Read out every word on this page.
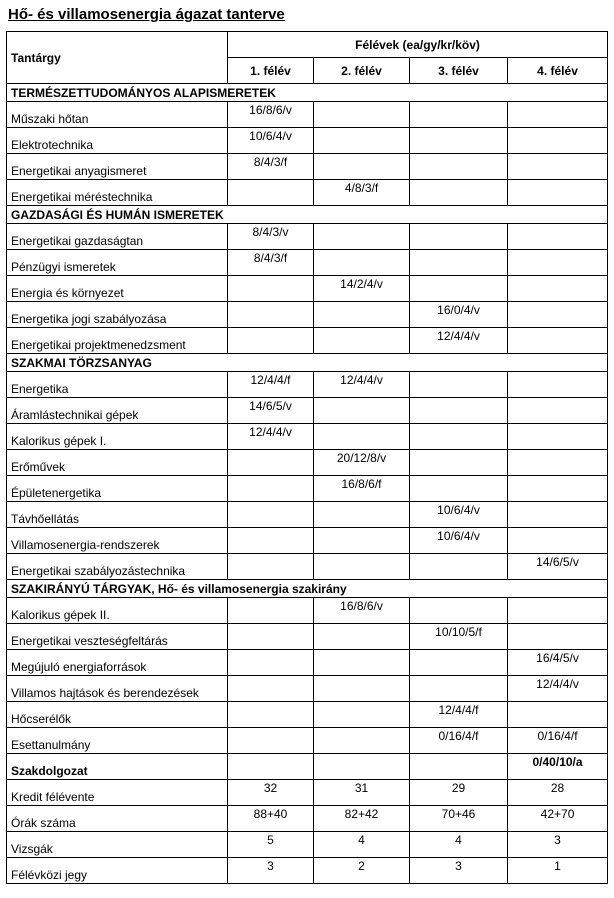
Hő- és villamosenergia ágazat tanterve
Tantárgy	Félévek (ea/gy/kr/köv)			
	1. félév	2. félév	3. félév	4. félév
TERMÉSZETTUDOMÁNYOS ALAPISMERETEK				
Műszaki hőtan	16/8/6/v			
Elektrotechnika	10/6/4/v			
Energetikai anyagismeret	8/4/3/f			
Energetikai méréstechnika		4/8/3/f		
GAZDASÁGI ÉS HUMÁN ISMERETEK				
Energetikai gazdaságtan	8/4/3/v			
Pénzügyi ismeretek	8/4/3/f			
Energia és környezet		14/2/4/v		
Energetika jogi szabályozása			16/0/4/v	
Energetikai projektmenedzsment			12/4/4/v	
SZAKMAI TÖRZSANYAG				
Energetika	12/4/4/f	12/4/4/v		
Áramlástechnikai gépek	14/6/5/v			
Kalorikus gépek I.	12/4/4/v			
Erőművek		20/12/8/v		
Épületenergetika		16/8/6/f		
Távhőellátás			10/6/4/v	
Villamosenergia-rendszerek			10/6/4/v	
Energetikai szabályozástechnika				14/6/5/v
SZAKIRÁNYÚ TÁRGYAK, Hő- és villamosenergia szakirány				
Kalorikus gépek II.		16/8/6/v		
Energetikai veszteségfeltárás			10/10/5/f	
Megújuló energiaforrások				16/4/5/v
Villamos hajtások és berendezések				12/4/4/v
Hőcserélők			12/4/4/f	
Esettanulmány			0/16/4/f	0/16/4/f
Szakdolgozat				0/40/10/a
Kredit félévente	32	31	29	28
Órák száma	88+40	82+42	70+46	42+70
Vizsgák	5	4	4	3
Félévközi jegy	3	2	3	1
